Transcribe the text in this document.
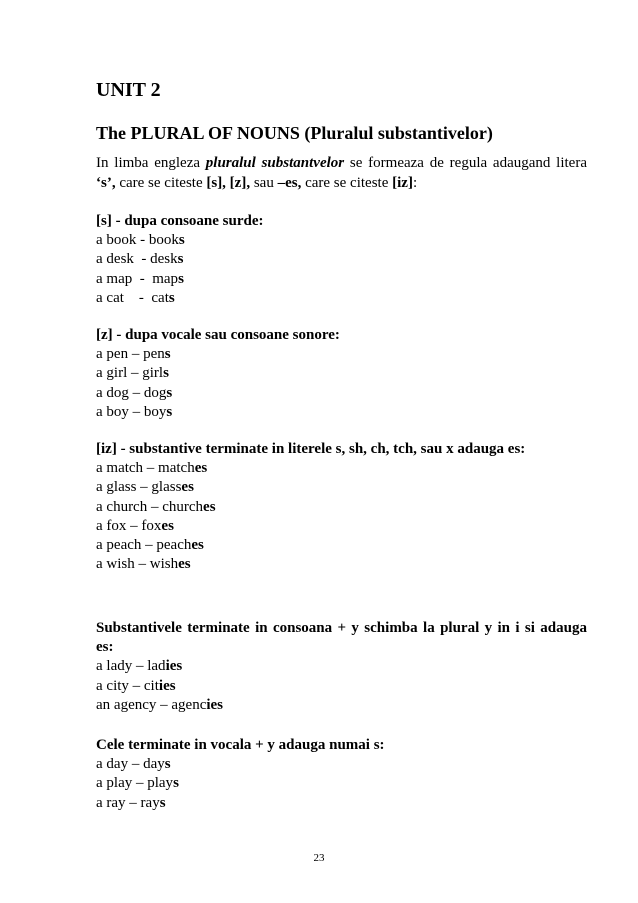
UNIT 2
The PLURAL OF NOUNS (Pluralul substantivelor)

In limba engleza pluralul substantvelor se formeaza de regula adaugand litera ‘s’, care se citeste [s], [z], sau –es, care se citeste [iz]:

[s] - dupa consoane surde:
a book - books
a desk  - desks
a map  -  maps
a cat    -  cats
[z] - dupa vocale sau consoane sonore:
a pen – pens
a girl – girls
a dog – dogs
a boy – boys
[iz] - substantive terminate in literele s, sh, ch, tch, sau x adauga es:
a match – matches
a glass – glasses
a church – churches
a fox – foxes
a peach – peaches
a wish – wishes
Substantivele terminate in consoana + y schimba la plural y in i si adauga es:
a lady – ladies
a city – cities
an agency – agencies
Cele terminate in vocala + y adauga numai s:
a day – days
a play – plays
a ray – rays
23
